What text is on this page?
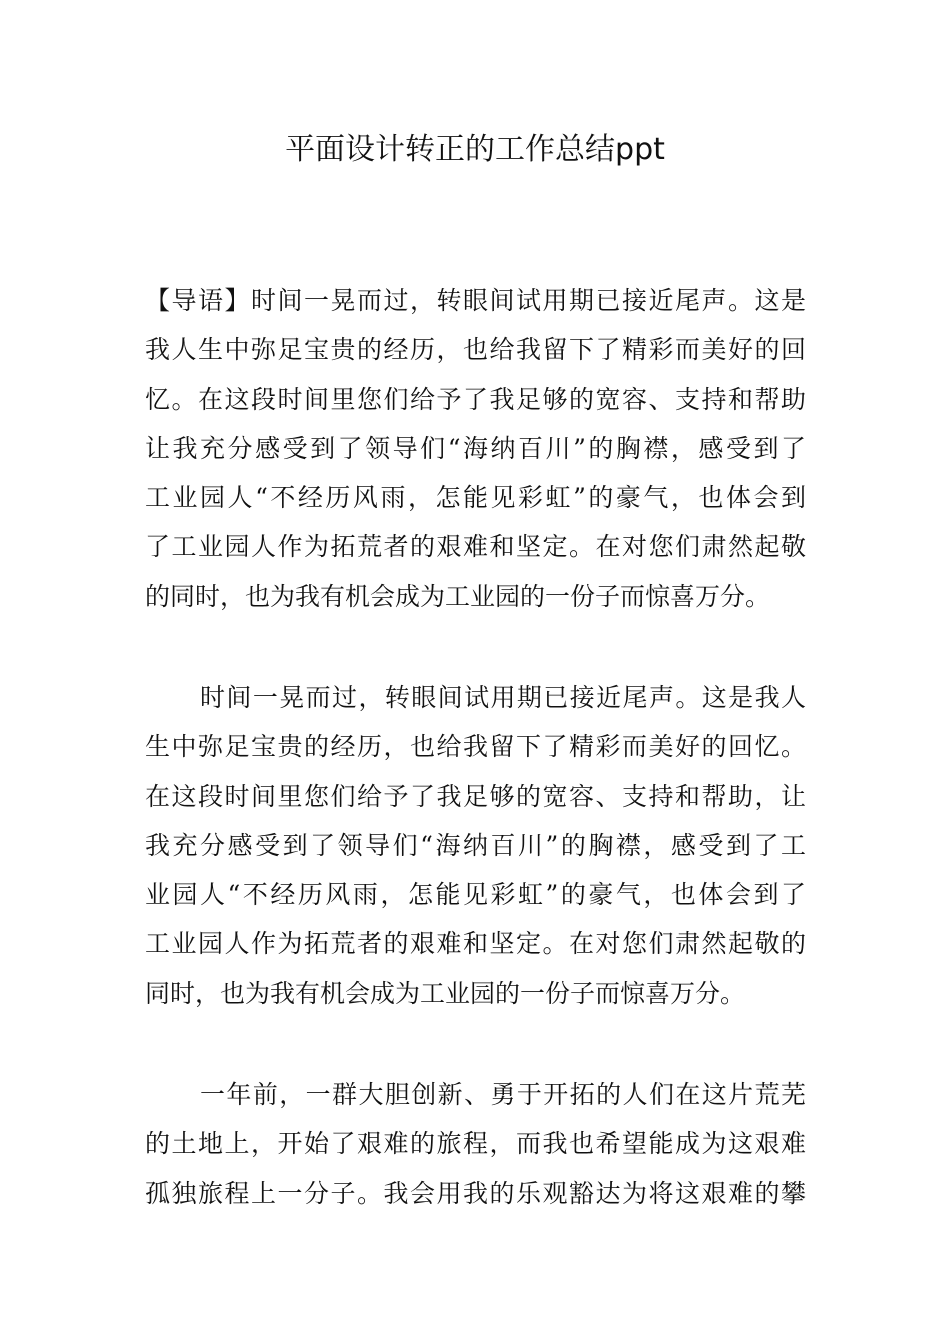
平面设计转正的工作总结ppt
【导语】时间一晃而过，转眼间试用期已接近尾声。这是
我人生中弥足宝贵的经历，也给我留下了精彩而美好的回
忆。在这段时间里您们给予了我足够的宽容、支持和帮助
让我充分感受到了领导们“海纳百川”的胸襟，感受到了
工业园人“不经历风雨，怎能见彩虹”的豪气，也体会到
了工业园人作为拓荒者的艰难和坚定。在对您们肃然起敬
的同时，也为我有机会成为工业园的一份子而惊喜万分。
时间一晃而过，转眼间试用期已接近尾声。这是我人
生中弥足宝贵的经历，也给我留下了精彩而美好的回忆。
在这段时间里您们给予了我足够的宽容、支持和帮助，让
我充分感受到了领导们“海纳百川”的胸襟，感受到了工
业园人“不经历风雨，怎能见彩虹”的豪气，也体会到了
工业园人作为拓荒者的艰难和坚定。在对您们肃然起敬的
同时，也为我有机会成为工业园的一份子而惊喜万分。
一年前，一群大胆创新、勇于开拓的人们在这片荒芜
的土地上，开始了艰难的旅程，而我也希望能成为这艰难
孤独旅程上一分子。我会用我的乐观豁达为将这艰难的攀
